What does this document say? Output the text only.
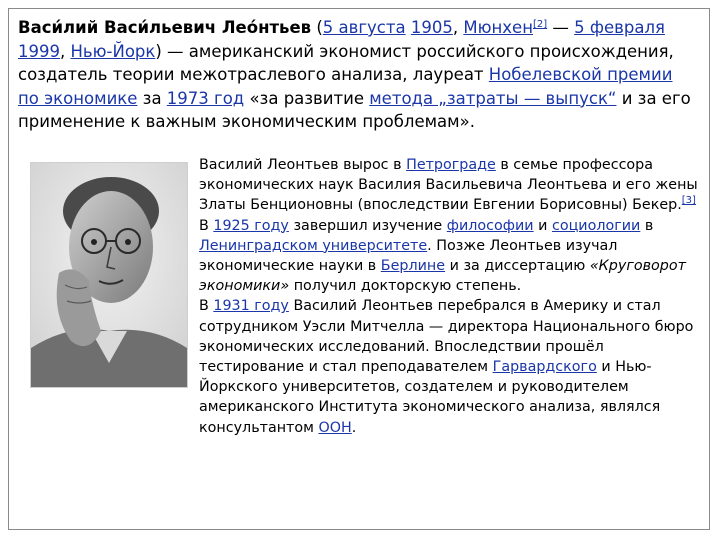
Васи́лий Васи́льевич Лео́нтьев (5 августа 1905, Мюнхен[2] — 5 февраля 1999, Нью-Йорк) — американский экономист российского происхождения, создатель теории межотраслевого анализа, лауреат Нобелевской премии по экономике за 1973 год «за развитие метода „затраты — выпуск“ и за его применение к важным экономическим проблемам».

Василий Леонтьев вырос в Петрограде в семье профессора экономических наук Василия Васильевича Леонтьева и его жены Златы Бенционовны (впоследствии Евгении Борисовны) Бекер.[3]

В 1925 году завершил изучение философии и социологии в Ленинградском университете. Позже Леонтьев изучал экономические науки в Берлине и за диссертацию «Круговорот экономики» получил докторскую степень.

В 1931 году Василий Леонтьев перебрался в Америку и стал сотрудником Уэсли Митчелла — директора Национального бюро экономических исследований. Впоследствии прошёл тестирование и стал преподавателем Гарвардского и Нью-Йоркского университетов, создателем и руководителем американского Института экономического анализа, являлся консультантом ООН.
